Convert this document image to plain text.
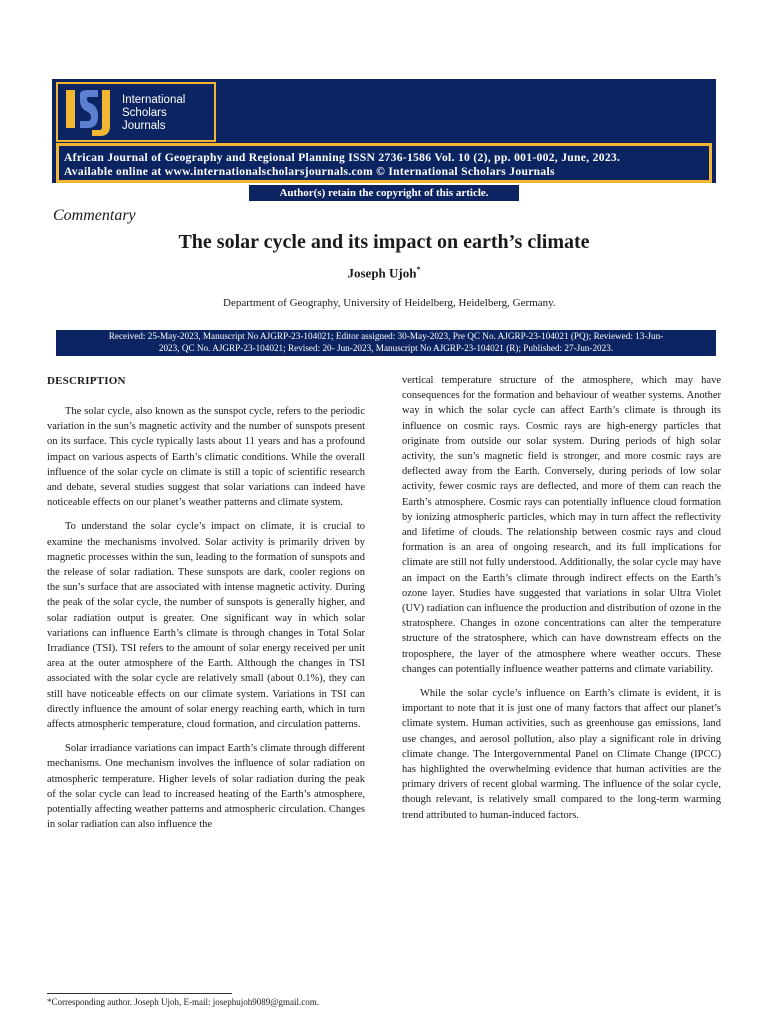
ISJ
International
Scholars
Journals
African Journal of Geography and Regional Planning ISSN 2736-1586 Vol. 10 (2), pp. 001-002, June, 2023.
Available online at www.internationalscholarsjournals.com © International Scholars Journals
Author(s) retain the copyright of this article.
Commentary
The solar cycle and its impact on earth’s climate
Joseph Ujoh*
Department of Geography, University of Heidelberg, Heidelberg, Germany.
Received: 25-May-2023, Manuscript No AJGRP-23-104021; Editor assigned: 30-May-2023, Pre QC No. AJGRP-23-104021 (PQ); Reviewed: 13-Jun-
2023, QC No. AJGRP-23-104021; Revised: 20- Jun-2023, Manuscript No AJGRP-23-104021 (R); Published: 27-Jun-2023.
DESCRIPTION

The solar cycle, also known as the sunspot cycle, refers to the periodic variation in the sun’s magnetic activity and the number of sunspots present on its surface. This cycle typically lasts about 11 years and has a profound impact on various aspects of Earth’s climatic conditions. While the overall influence of the solar cycle on climate is still a topic of scientific research and debate, several studies suggest that solar variations can indeed have noticeable effects on our planet’s weather patterns and climate system.

To understand the solar cycle’s impact on climate, it is crucial to examine the mechanisms involved. Solar activity is primarily driven by magnetic processes within the sun, leading to the formation of sunspots and the release of solar radiation. These sunspots are dark, cooler regions on the sun’s surface that are associated with intense magnetic activity. During the peak of the solar cycle, the number of sunspots is generally higher, and solar radiation output is greater. One significant way in which solar variations can influence Earth’s climate is through changes in Total Solar Irradiance (TSI). TSI refers to the amount of solar energy received per unit area at the outer atmosphere of the Earth. Although the changes in TSI associated with the solar cycle are relatively small (about 0.1%), they can still have noticeable effects on our climate system. Variations in TSI can directly influence the amount of solar energy reaching earth, which in turn affects atmospheric temperature, cloud formation, and circulation patterns.

Solar irradiance variations can impact Earth’s climate through different mechanisms. One mechanism involves the influence of solar radiation on atmospheric temperature. Higher levels of solar radiation during the peak of the solar cycle can lead to increased heating of the Earth’s atmosphere, potentially affecting weather patterns and atmospheric circulation. Changes in solar radiation can also influence the

vertical temperature structure of the atmosphere, which may have consequences for the formation and behaviour of weather systems. Another way in which the solar cycle can affect Earth’s climate is through its influence on cosmic rays. Cosmic rays are high-energy particles that originate from outside our solar system. During periods of high solar activity, the sun’s magnetic field is stronger, and more cosmic rays are deflected away from the Earth. Conversely, during periods of low solar activity, fewer cosmic rays are deflected, and more of them can reach the Earth’s atmosphere. Cosmic rays can potentially influence cloud formation by ionizing atmospheric particles, which may in turn affect the reflectivity and lifetime of clouds. The relationship between cosmic rays and cloud formation is an area of ongoing research, and its full implications for climate are still not fully understood. Additionally, the solar cycle may have an impact on the Earth’s climate through indirect effects on the Earth’s ozone layer. Studies have suggested that variations in solar Ultra Violet (UV) radiation can influence the production and distribution of ozone in the stratosphere. Changes in ozone concentrations can alter the temperature structure of the stratosphere, which can have downstream effects on the troposphere, the layer of the atmosphere where weather occurs. These changes can potentially influence weather patterns and climate variability.

While the solar cycle’s influence on Earth’s climate is evident, it is important to note that it is just one of many factors that affect our planet’s climate system. Human activities, such as greenhouse gas emissions, land use changes, and aerosol pollution, also play a significant role in driving climate change. The Intergovernmental Panel on Climate Change (IPCC) has highlighted the overwhelming evidence that human activities are the primary drivers of recent global warming. The influence of the solar cycle, though relevant, is relatively small compared to the long-term warming trend attributed to human-induced factors.

*Corresponding author. Joseph Ujoh, E-mail: josephujoh9089@gmail.com.
